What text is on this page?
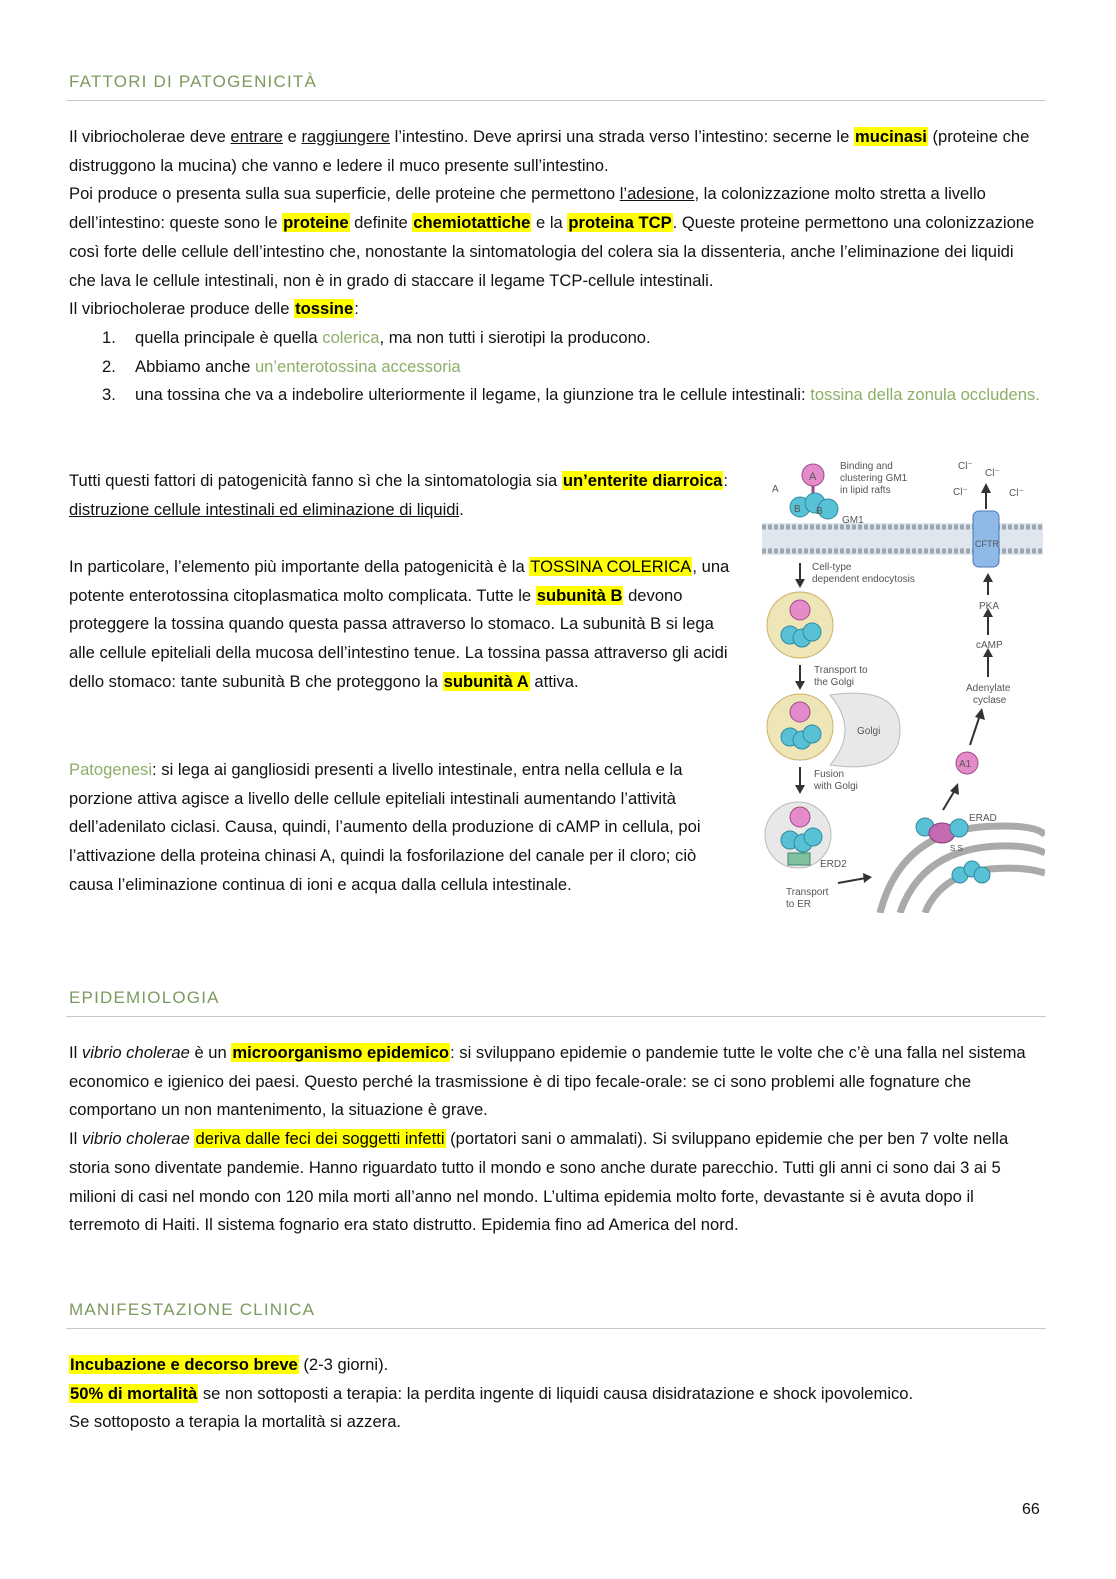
FATTORI DI PATOGENICITÀ
Il vibriocholerae deve entrare e raggiungere l’intestino. Deve aprirsi una strada verso l’intestino: secerne le mucinasi (proteine che distruggono la mucina) che vanno e ledere il muco presente sull’intestino.
Poi produce o presenta sulla sua superficie, delle proteine che permettono l’adesione, la colonizzazione molto stretta a livello dell’intestino: queste sono le proteine definite chemiotattiche e la proteina TCP. Queste proteine permettono una colonizzazione così forte delle cellule dell’intestino che, nonostante la sintomatologia del colera sia la dissenteria, anche l’eliminazione dei liquidi che lava le cellule intestinali, non è in grado di staccare il legame TCP-cellule intestinali.
Il vibriocholerae produce delle tossine:
1. quella principale è quella colerica, ma non tutti i sierotipi la producono.
2. Abbiamo anche un’enterotossina accessoria
3. una tossina che va a indebolire ulteriormente il legame, la giunzione tra le cellule intestinali: tossina della zonula occludens.
Tutti questi fattori di patogenicità fanno sì che la sintomatologia sia un’enterite diarroica: distruzione cellule intestinali ed eliminazione di liquidi.
In particolare, l’elemento più importante della patogenicità è la TOSSINA COLERICA, una potente enterotossina citoplasmatica molto complicata. Tutte le subunità B devono proteggere la tossina quando questa passa attraverso lo stomaco. La subunità B si lega alle cellule epiteliali della mucosa dell’intestino tenue. La tossina passa attraverso gli acidi dello stomaco: tante subunità B che proteggono la subunità A attiva.
Patogenesi: si lega ai gangliosidi presenti a livello intestinale, entra nella cellula e la porzione attiva agisce a livello delle cellule epiteliali intestinali aumentando l’attività dell’adenilato ciclasi. Causa, quindi, l’aumento della produzione di cAMP in cellula, poi l’attivazione della proteina chinasi A, quindi la fosforilazione del canale per il cloro; ciò causa l’eliminazione continua di ioni e acqua dalla cellula intestinale.
A
B B
A
Binding and
clustering GM1
in lipid rafts
GM1
CFTR
Cl⁻
Cl⁻
Cl⁻	Cl⁻
Cell-type
dependent endocytosis
Transport to
the Golgi
Golgi
Fusion
with Golgi
ERD2
Transport
to ER
ERAD
S S
A1
Adenylate
cyclase
cAMP
PKA
EPIDEMIOLOGIA
Il vibrio cholerae è un microorganismo epidemico: si sviluppano epidemie o pandemie tutte le volte che c’è una falla nel sistema economico e igienico dei paesi. Questo perché la trasmissione è di tipo fecale-orale: se ci sono problemi alle fognature che comportano un non mantenimento, la situazione è grave.
Il vibrio cholerae deriva dalle feci dei soggetti infetti (portatori sani o ammalati). Si sviluppano epidemie che per ben 7 volte nella storia sono diventate pandemie. Hanno riguardato tutto il mondo e sono anche durate parecchio. Tutti gli anni ci sono dai 3 ai 5 milioni di casi nel mondo con 120 mila morti all’anno nel mondo. L’ultima epidemia molto forte, devastante si è avuta dopo il terremoto di Haiti. Il sistema fognario era stato distrutto. Epidemia fino ad America del nord.
MANIFESTAZIONE CLINICA
Incubazione e decorso breve (2-3 giorni).
50% di mortalità se non sottoposti a terapia: la perdita ingente di liquidi causa disidratazione e shock ipovolemico.
Se sottoposto a terapia la mortalità si azzera.
66
